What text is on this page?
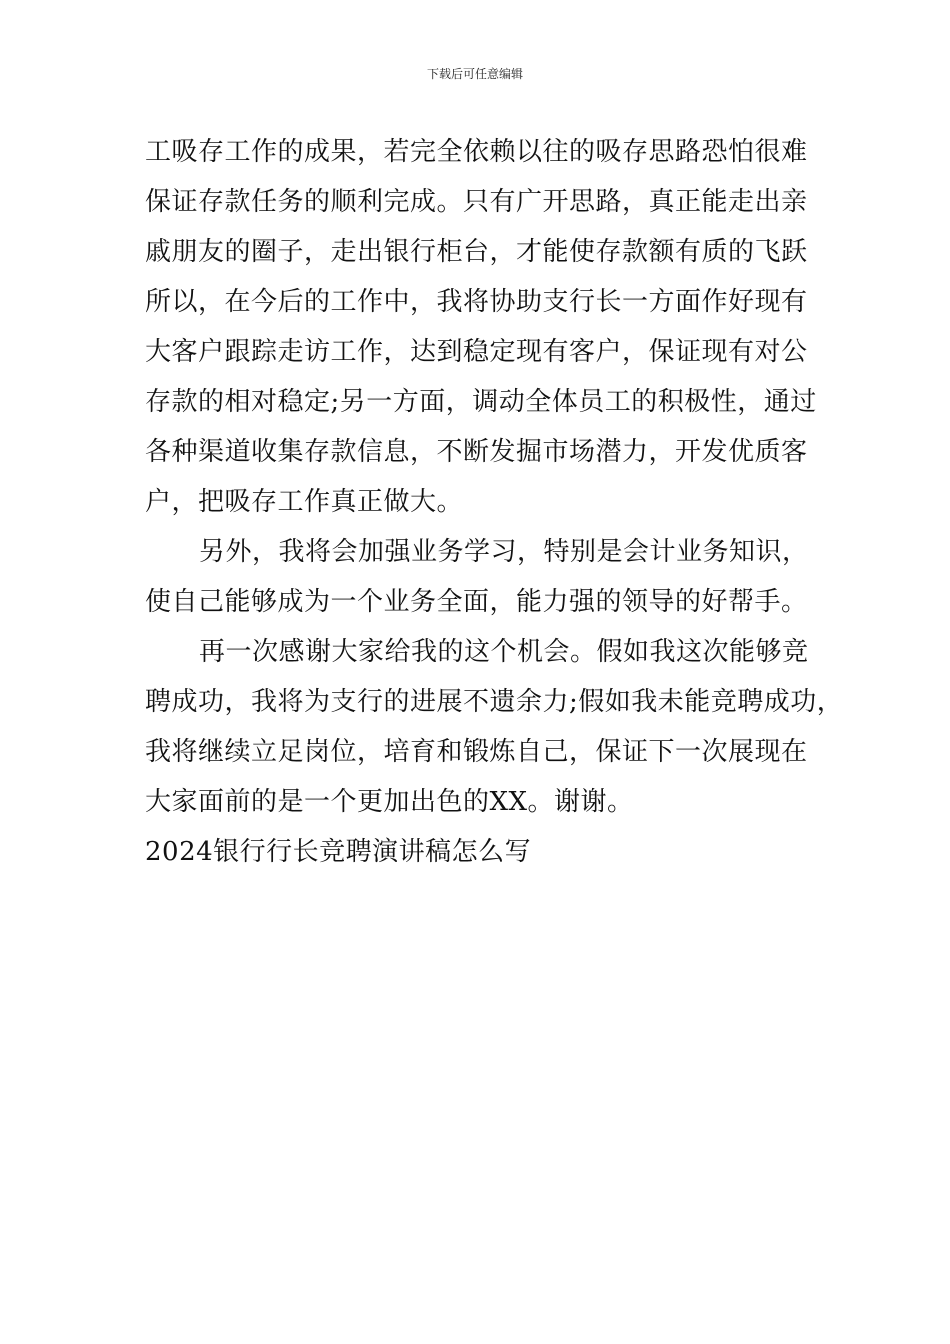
下载后可任意编辑
工吸存工作的成果，若完全依赖以往的吸存思路恐怕很难
保证存款任务的顺利完成。只有广开思路，真正能走出亲
戚朋友的圈子，走出银行柜台，才能使存款额有质的飞跃
所以，在今后的工作中，我将协助支行长一方面作好现有
大客户跟踪走访工作，达到稳定现有客户，保证现有对公
存款的相对稳定;另一方面，调动全体员工的积极性，通过
各种渠道收集存款信息，不断发掘市场潜力，开发优质客
户，把吸存工作真正做大。
另外，我将会加强业务学习，特别是会计业务知识，
使自己能够成为一个业务全面，能力强的领导的好帮手。
再一次感谢大家给我的这个机会。假如我这次能够竞
聘成功，我将为支行的进展不遗余力;假如我未能竞聘成功，
我将继续立足岗位，培育和锻炼自己，保证下一次展现在
大家面前的是一个更加出色的XX。谢谢。
2024银行行长竞聘演讲稿怎么写
